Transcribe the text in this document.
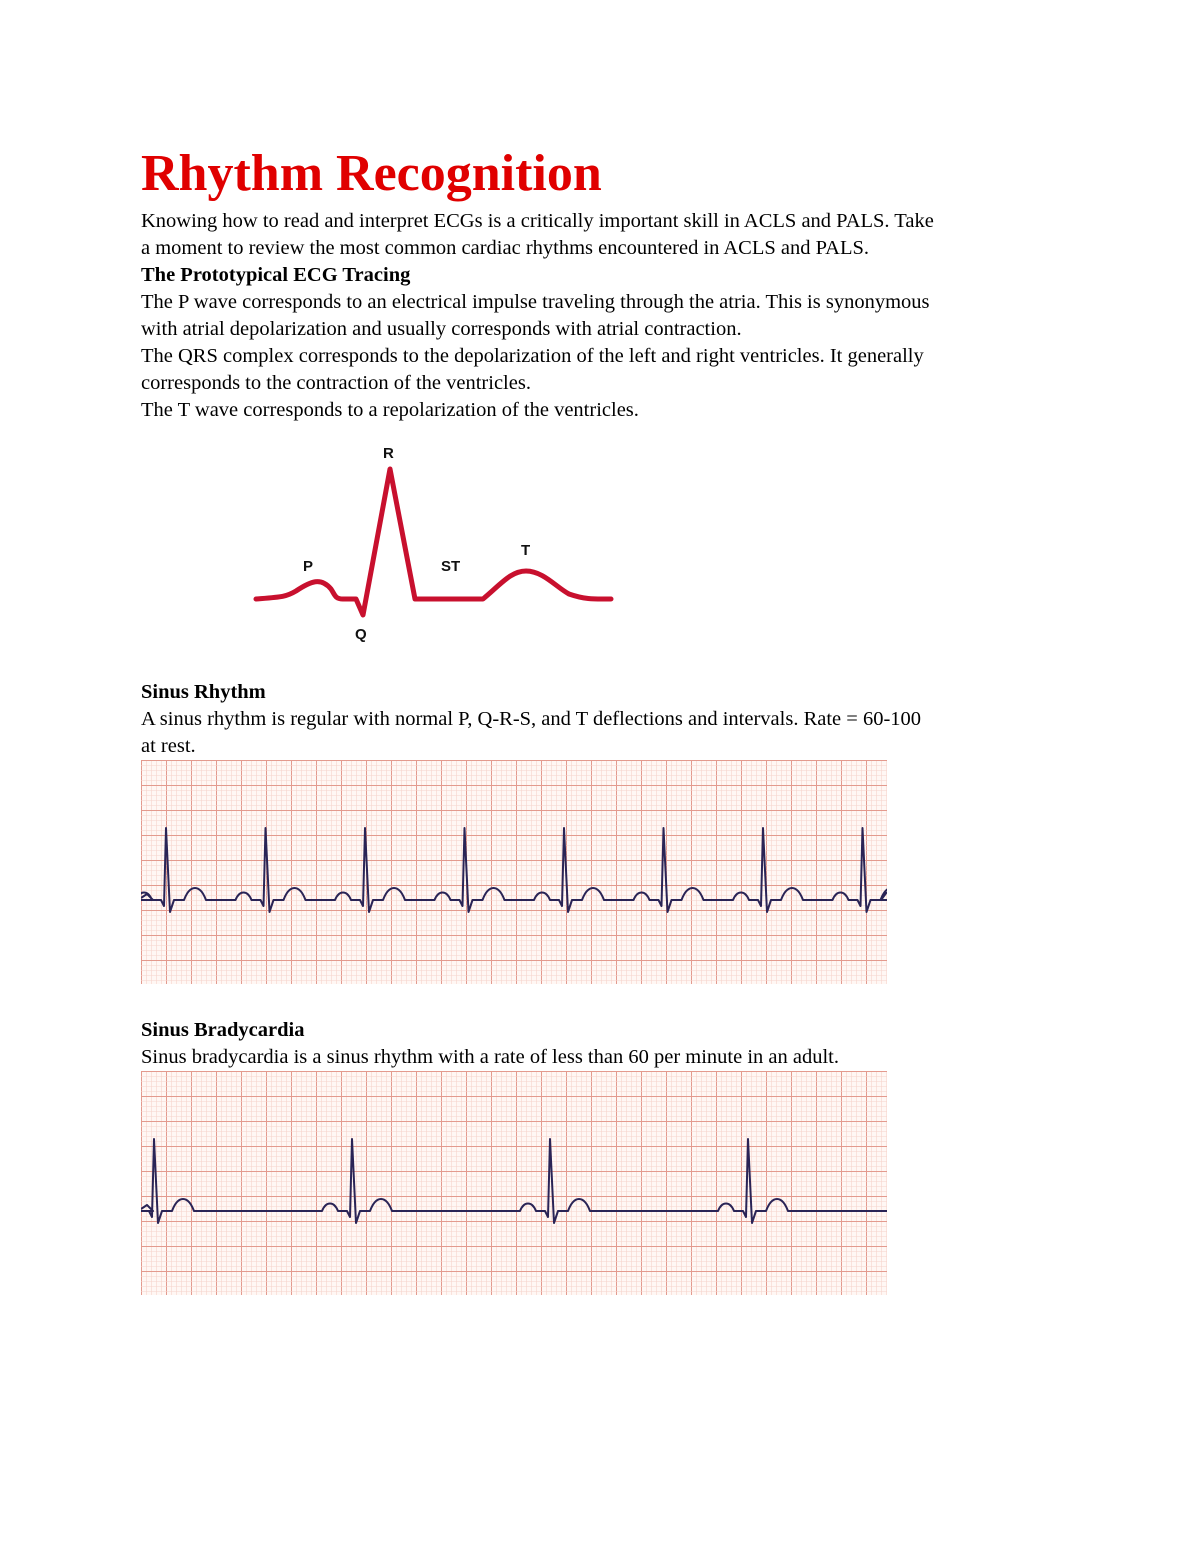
Rhythm Recognition

Knowing how to read and interpret ECGs is a critically important skill in ACLS and PALS. Take

a moment to review the most common cardiac rhythms encountered in ACLS and PALS.

The Prototypical ECG Tracing

The P wave corresponds to an electrical impulse traveling through the atria. This is synonymous

with atrial depolarization and usually corresponds with atrial contraction.

The QRS complex corresponds to the depolarization of the left and right ventricles. It generally

corresponds to the contraction of the ventricles.

The T wave corresponds to a repolarization of the ventricles.

R
P	ST
T
Q

Sinus Rhythm

A sinus rhythm is regular with normal P, Q-R-S, and T deflections and intervals. Rate = 60-100

at rest.

Sinus Bradycardia

Sinus bradycardia is a sinus rhythm with a rate of less than 60 per minute in an adult.
